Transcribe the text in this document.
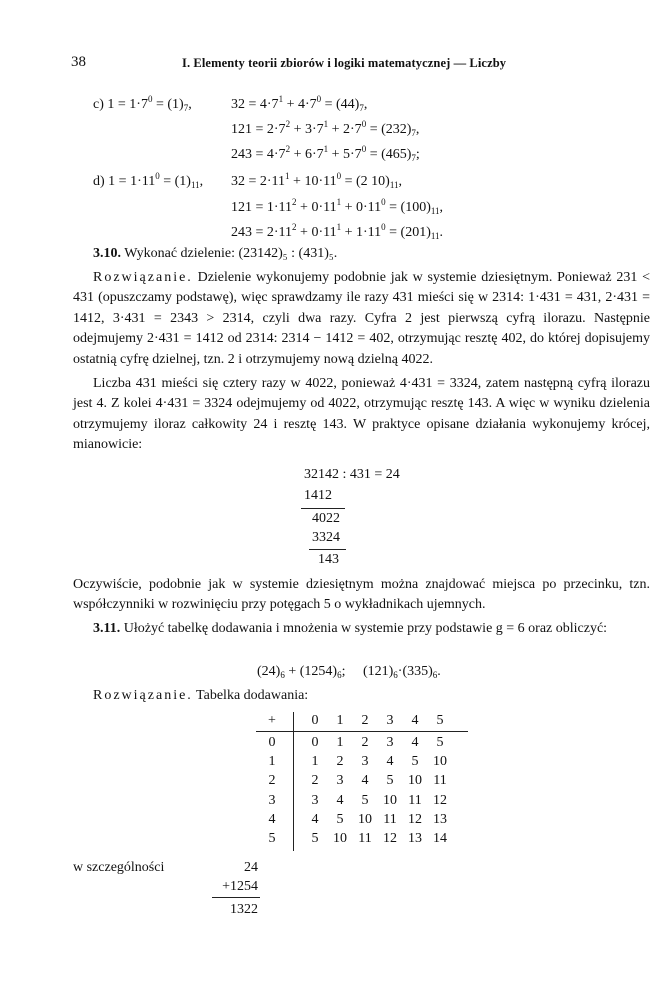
38	I. Elementy teorii zbiorów i logiki matematycznej — Liczby
c) $1 = 1\cdot 7^0 = (1)_7$,	$32 = 4\cdot 7^1 + 4\cdot 7^0 = (44)_7$,
$121 = 2\cdot 7^2 + 3\cdot 7^1 + 2\cdot 7^0 = (232)_7$,
$243 = 4\cdot 7^2 + 6\cdot 7^1 + 5\cdot 7^0 = (465)_7$;
d) $1 = 1\cdot 11^0 = (1)_{11}$, $32 = 2\cdot 11^1 + 10\cdot 11^0 = (2$ $10)_{11}$,
$121 = 1\cdot 11^2 + 0\cdot 11^1 + 0\cdot 11^0 = (100)_{11}$,
$243 = 2\cdot 11^2 + 0\cdot 11^1 + 1\cdot 11^0 = (201)_{11}$.
3.10. Wykonać dzielenie: (23142)₅ : (431)₅.

Rozwiązanie. Dzielenie wykonujemy podobnie jak w systemie dziesiętnym. Ponieważ 231 < 431 (opuszczamy podstawę), więc sprawdzamy ile razy 431 mieści się w 2314: 1·431 = 431, 2·431 = 1412, 3·431 = 2343 > 2314, czyli dwa razy. Cyfra 2 jest pierwszą cyfrą ilorazu. Następnie odejmujemy 2·431 = 1412 od 2314: 2314 − 1412 = 402, otrzymując resztę 402, do której dopisujemy ostatnią cyfrę dzielnej, tzn. 2 i otrzymujemy nową dzielną 4022.

Liczba 431 mieści się cztery razy w 4022, ponieważ 4·431 = 3324, zatem następną cyfrą ilorazu jest 4. Z kolei 4·431 = 3324 odejmujemy od 4022, otrzymując resztę 143. A więc w wyniku dzielenia otrzymujemy iloraz całkowity 24 i resztę 143. W praktyce opisane działania wykonujemy krócej, mianowicie:

32142 : 431 = 24
1412
4022
3324
143

Oczywiście, podobnie jak w systemie dziesiętnym można znajdować miejsca po przecinku, tzn. współczynniki w rozwinięciu przy potęgach 5 o wykładnikach ujemnych.

3.11. Ułożyć tabelkę dodawania i mnożenia w systemie przy podstawie g = 6 oraz obliczyć:

$(24)_6 + (1254)_6$;     $(121)_6\cdot(335)_6$.
Rozwiązanie. Tabelka dodawania:
+	0	1	2	3	4	5
0	0	1	2	3	4	5
1	1	2	3	4	5	10
2	2	3	4	5	10 11
3	3	4	5	10 11 12
4	4	5	10 11 12 13
5	5	10 11 12 13 14
w szczególności	24
+1254
1322
